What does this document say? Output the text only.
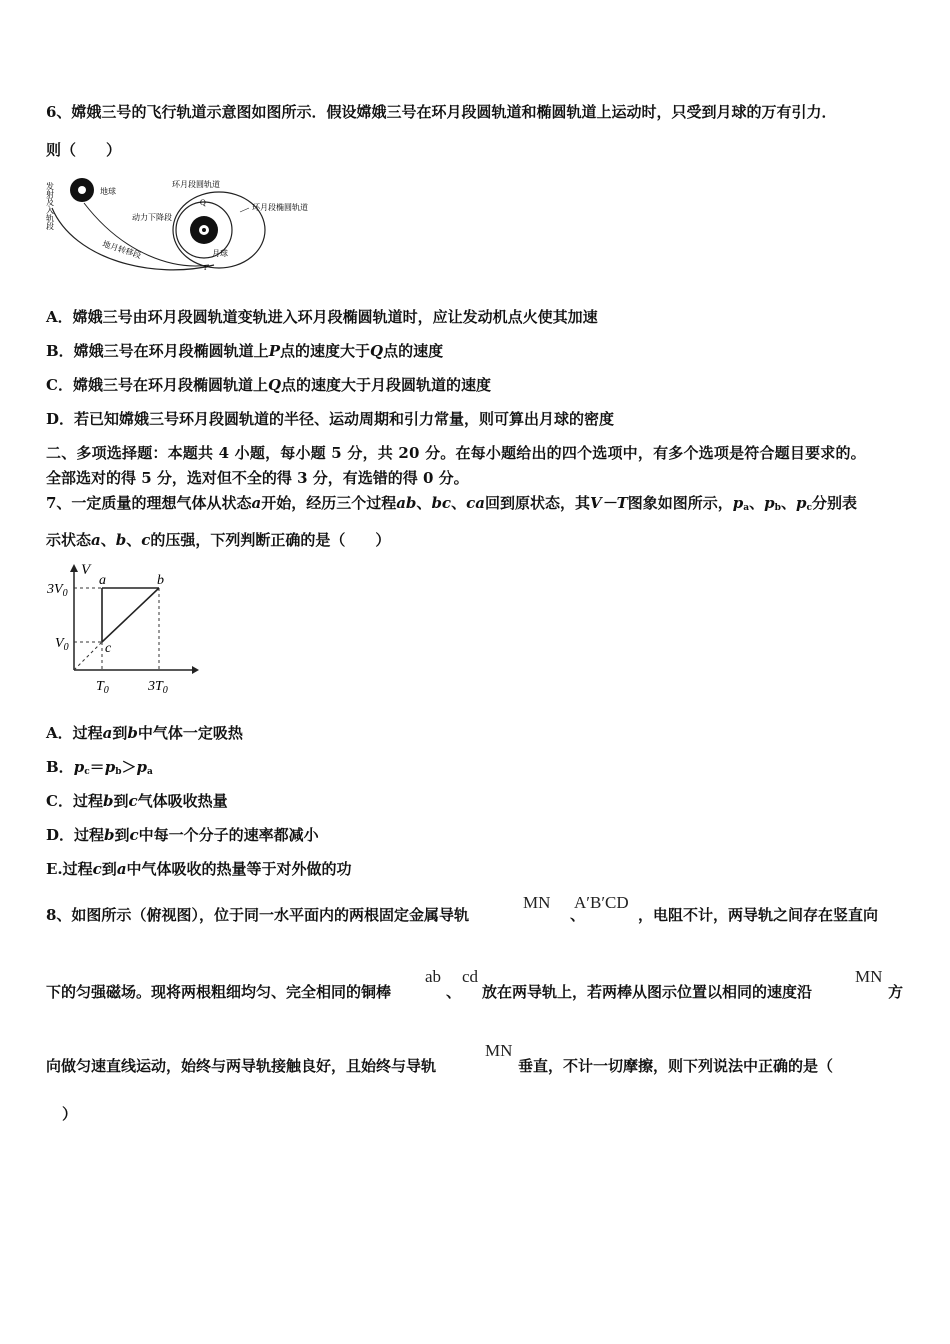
6、嫦娥三号的飞行轨道示意图如图所示．假设嫦娥三号在环月段圆轨道和椭圆轨道上运动时，只受到月球的万有引力．
则（　　）
发射及入轨段	地球
地月转移段
环月段圆轨道
环月段椭圆轨道
动力下降段
Q
月球
P
A．嫦娥三号由环月段圆轨道变轨进入环月段椭圆轨道时，应让发动机点火使其加速
B．嫦娥三号在环月段椭圆轨道上P点的速度大于Q点的速度
C．嫦娥三号在环月段椭圆轨道上Q点的速度大于月段圆轨道的速度
D．若已知嫦娥三号环月段圆轨道的半径、运动周期和引力常量，则可算出月球的密度
二、多项选择题：本题共 4 小题，每小题 5 分，共 20 分。在每小题给出的四个选项中，有多个选项是符合题目要求的。
全部选对的得 5 分，选对但不全的得 3 分，有选错的得 0 分。
7、一定质量的理想气体从状态a开始，经历三个过程ab、bc、ca回到原状态，其V－T图象如图所示，$p_a$、$p_b$、$p_c$分别表
示状态a、b、c的压强，下列判断正确的是（　　）
V
$3V_0$
$V_0$
$T_0$	$3T_0$
a	b
c
A．过程a到b中气体一定吸热
B．$p_c=p_b>p_a$
C．过程b到c气体吸收热量
D．过程b到c中每一个分子的速率都减小
E.过程c到a中气体吸收的热量等于对外做的功
8、如图所示（俯视图），位于同一水平面内的两根固定金属导轨
MN
、
A′B′CD
，电阻不计，两导轨之间存在竖直向
下的匀强磁场。现将两根粗细均匀、完全相同的铜棒
ab
、
cd
放在两导轨上，若两棒从图示位置以相同的速度沿
MN
方
向做匀速直线运动，始终与两导轨接触良好，且始终与导轨
MN
垂直，不计一切摩擦，则下列说法中正确的是（
）
